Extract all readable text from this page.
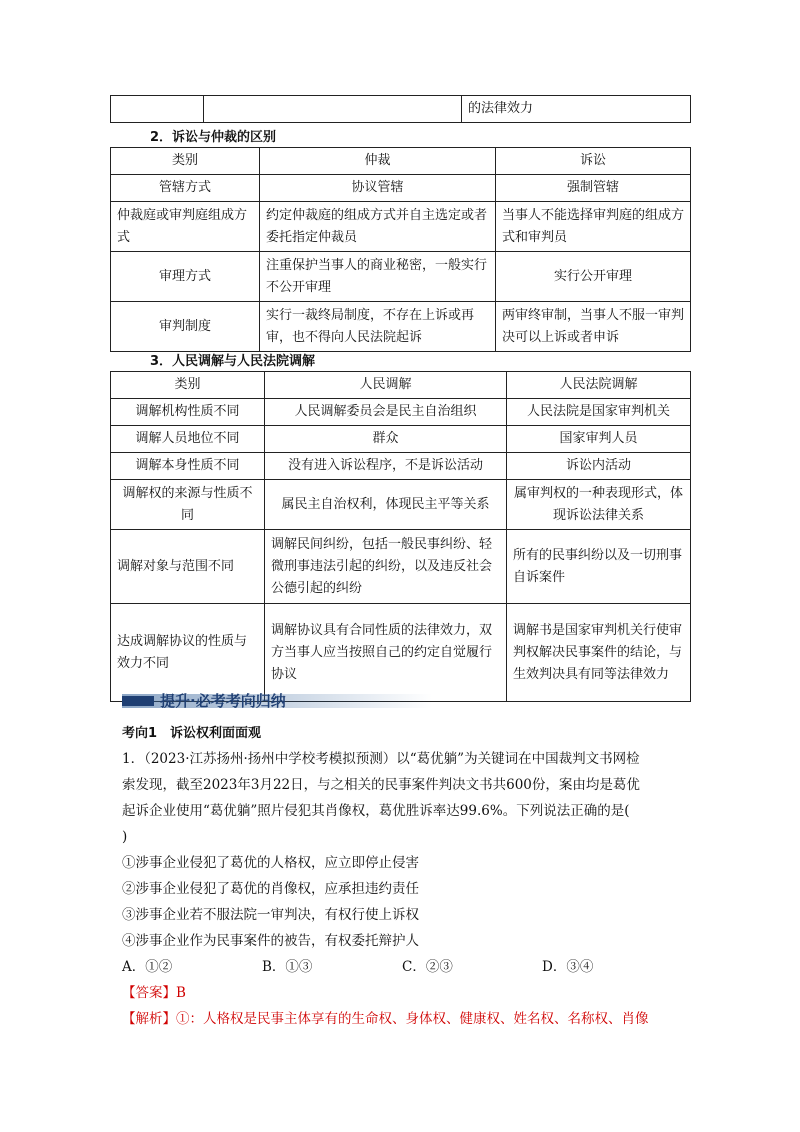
		的法律效力
2．诉讼与仲裁的区别
类别	仲裁	诉讼
管辖方式	协议管辖	强制管辖
仲裁庭或审判庭组成方式	约定仲裁庭的组成方式并自主选定或者委托指定仲裁员	当事人不能选择审判庭的组成方式和审判员
审理方式	注重保护当事人的商业秘密，一般实行不公开审理	实行公开审理
审判制度	实行一裁终局制度，不存在上诉或再审，也不得向人民法院起诉	两审终审制，当事人不服一审判决可以上诉或者申诉
3．人民调解与人民法院调解
类别	人民调解	人民法院调解
调解机构性质不同	人民调解委员会是民主自治组织	人民法院是国家审判机关
调解人员地位不同	群众	国家审判人员
调解本身性质不同	没有进入诉讼程序，不是诉讼活动	诉讼内活动
调解权的来源与性质不同	属民主自治权利，体现民主平等关系	属审判权的一种表现形式，体现诉讼法律关系
调解对象与范围不同	调解民间纠纷，包括一般民事纠纷、轻微刑事违法引起的纠纷，以及违反社会公德引起的纠纷	所有的民事纠纷以及一切刑事自诉案件
达成调解协议的性质与效力不同	调解协议具有合同性质的法律效力，双方当事人应当按照自己的约定自觉履行协议	调解书是国家审判机关行使审判权解决民事案件的结论，与生效判决具有同等法律效力
提升·必考考向归纳
考向1　诉讼权利面面观
1．（2023·江苏扬州·扬州中学校考模拟预测）以“葛优躺”为关键词在中国裁判文书网检
索发现，截至2023年3月22日，与之相关的民事案件判决文书共600份，案由均是葛优
起诉企业使用“葛优躺”照片侵犯其肖像权，葛优胜诉率达99.6%。下列说法正确的是(
)
①涉事企业侵犯了葛优的人格权，应立即停止侵害
②涉事企业侵犯了葛优的肖像权，应承担违约责任
③涉事企业若不服法院一审判决，有权行使上诉权
④涉事企业作为民事案件的被告，有权委托辩护人
A．①②	B．①③	C．②③	D．③④
【答案】B
【解析】①：人格权是民事主体享有的生命权、身体权、健康权、姓名权、名称权、肖像
